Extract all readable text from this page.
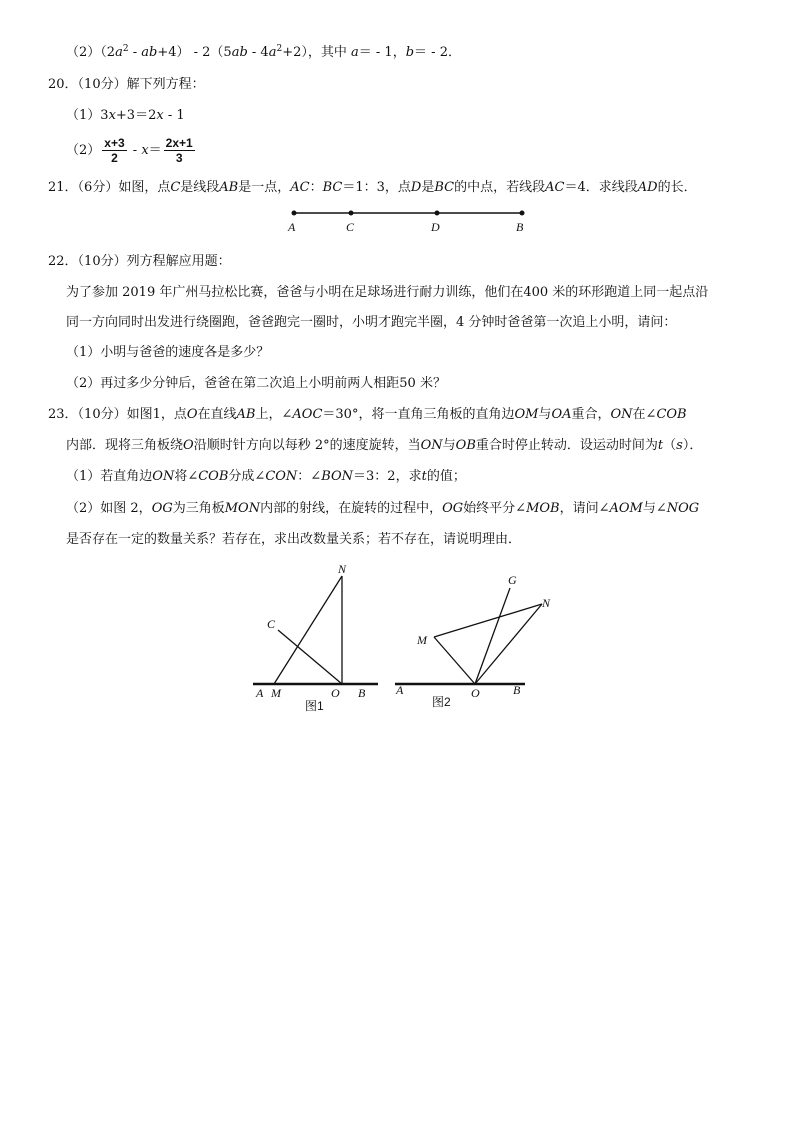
$(2)(2a^2 - ab+4) - 2(5ab - 4a^2+2)$，其中 a＝ - 1，b＝ - 2．
20．（10分）解下列方程：
（1）3x+3＝2x - 1
$(2) \frac{x+3}{2} - x= \frac{2x+1}{3}$
21．（6分）如图，点C是线段AB是一点，AC：BC＝1：3，点D是BC的中点，若线段AC＝4．求线段AD的长．
A	C	D	B
22．（10分）列方程解应用题：
为了参加 2019 年广州马拉松比赛，爸爸与小明在足球场进行耐力训练，他们在400 米的环形跑道上同一起点沿
同一方向同时出发进行绕圈跑，爸爸跑完一圈时，小明才跑完半圈，4 分钟时爸爸第一次追上小明，请问：
（1）小明与爸爸的速度各是多少？
（2）再过多少分钟后，爸爸在第二次追上小明前两人相距50 米？
23．（10分）如图1，点O在直线AB上，∠AOC＝30°，将一直角三角板的直角边OM与OA重合，ON在∠COB
内部．现将三角板绕O沿顺时针方向以每秒 2°的速度旋转，当ON与OB重合时停止转动．设运动时间为t（s）．
（1）若直角边ON将∠COB分成∠CON：∠BON＝3：2，求t的值；
（2）如图 2，OG为三角板MON内部的射线，在旋转的过程中，OG始终平分∠MOB，请问∠AOM与∠NOG
是否存在一定的数量关系？若存在，求出改数量关系；若不存在，请说明理由．
N
C
A M	O B
图1
G
N
M
A	O	B
图2
